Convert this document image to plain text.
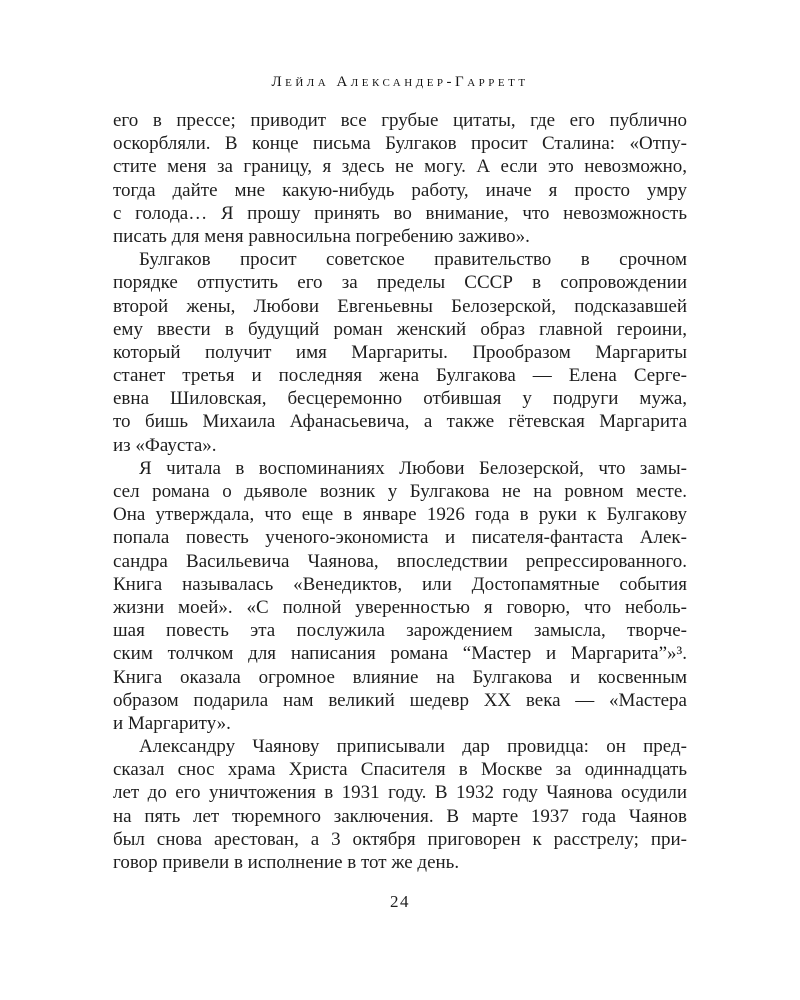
Лейла Александер-Гарретт
его в прессе; приводит все грубые цитаты, где его публично
оскорбляли. В конце письма Булгаков просит Сталина: «Отпу-
стите меня за границу, я здесь не могу. А если это невозможно,
тогда дайте мне какую-нибудь работу, иначе я просто умру
с голода… Я прошу принять во внимание, что невозможность
писать для меня равносильна погребению заживо».
Булгаков просит советское правительство в срочном
порядке отпустить его за пределы СССР в сопровождении
второй жены, Любови Евгеньевны Белозерской, подсказавшей
ему ввести в будущий роман женский образ главной героини,
который получит имя Маргариты. Прообразом Маргариты
станет третья и последняя жена Булгакова — Елена Серге-
евна Шиловская, бесцеремонно отбившая у подруги мужа,
то бишь Михаила Афанасьевича, а также гётевская Маргарита
из «Фауста».
Я читала в воспоминаниях Любови Белозерской, что замы-
сел романа о дьяволе возник у Булгакова не на ровном месте.
Она утверждала, что еще в январе 1926 года в руки к Булгакову
попала повесть ученого-экономиста и писателя-фантаста Алек-
сандра Васильевича Чаянова, впоследствии репрессированного.
Книга называлась «Венедиктов, или Достопамятные события
жизни моей». «С полной уверенностью я говорю, что неболь-
шая повесть эта послужила зарождением замысла, творче-
ским толчком для написания романа “Мастер и Маргарита”»³.
Книга оказала огромное влияние на Булгакова и косвенным
образом подарила нам великий шедевр XX века — «Мастера
и Маргариту».
Александру Чаянову приписывали дар провидца: он пред-
сказал снос храма Христа Спасителя в Москве за одиннадцать
лет до его уничтожения в 1931 году. В 1932 году Чаянова осудили
на пять лет тюремного заключения. В марте 1937 года Чаянов
был снова арестован, а 3 октября приговорен к расстрелу; при-
говор привели в исполнение в тот же день.
24
